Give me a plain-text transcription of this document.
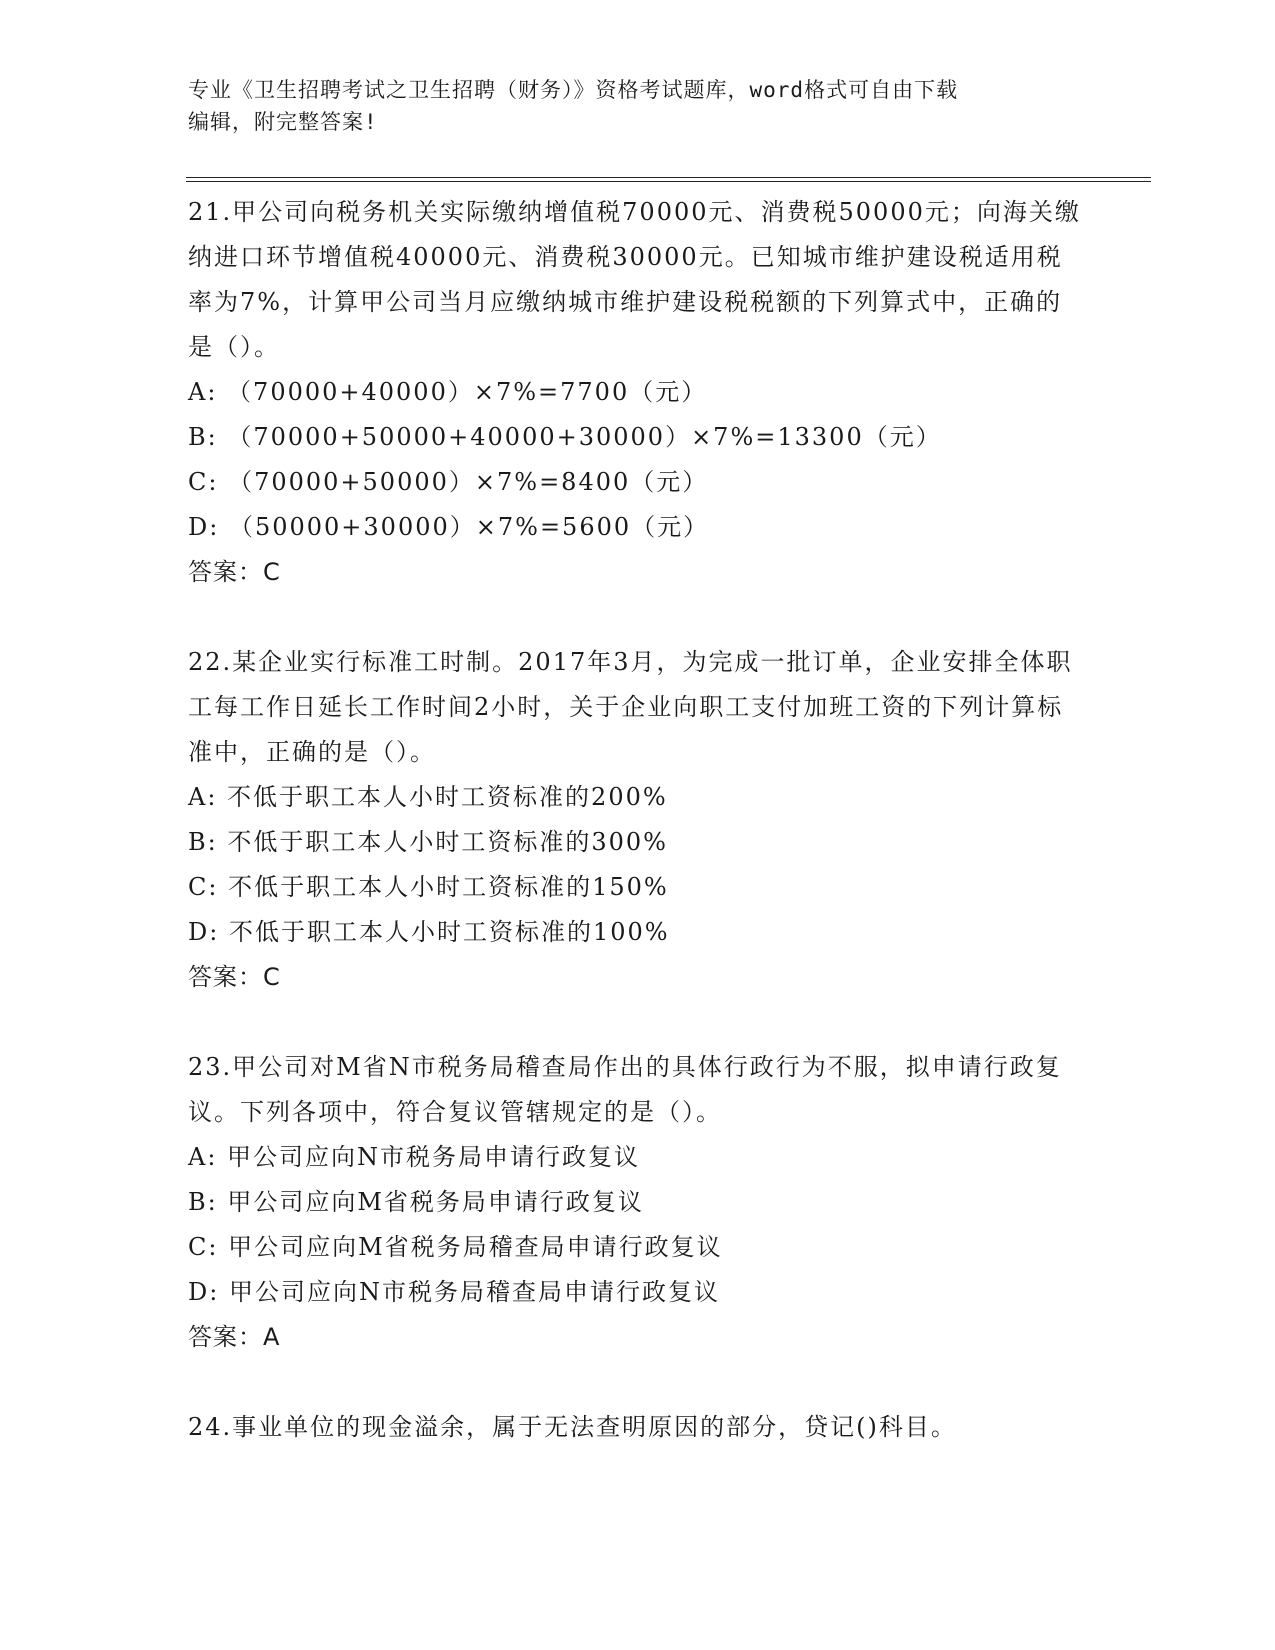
专业《卫生招聘考试之卫生招聘（财务）》资格考试题库，word格式可自由下载
编辑，附完整答案!

21.甲公司向税务机关实际缴纳增值税70000元、消费税50000元；向海关缴纳进口环节增值税40000元、消费税30000元。已知城市维护建设税适用税率为7%，计算甲公司当月应缴纳城市维护建设税税额的下列算式中，正确的是（）。

A: （70000+40000）×7%=7700（元）

B: （70000+50000+40000+30000）×7%=13300（元）

C: （70000+50000）×7%=8400（元）

D: （50000+30000）×7%=5600（元）

答案：C

22.某企业实行标准工时制。2017年3月，为完成一批订单，企业安排全体职工每工作日延长工作时间2小时，关于企业向职工支付加班工资的下列计算标准中，正确的是（）。

A: 不低于职工本人小时工资标准的200%

B: 不低于职工本人小时工资标准的300%

C: 不低于职工本人小时工资标准的150%

D: 不低于职工本人小时工资标准的100%

答案：C

23.甲公司对M省N市税务局稽查局作出的具体行政行为不服，拟申请行政复议。下列各项中，符合复议管辖规定的是（）。

A: 甲公司应向N市税务局申请行政复议

B: 甲公司应向M省税务局申请行政复议

C: 甲公司应向M省税务局稽查局申请行政复议

D: 甲公司应向N市税务局稽查局申请行政复议

答案：A

24.事业单位的现金溢余，属于无法查明原因的部分，贷记()科目。
